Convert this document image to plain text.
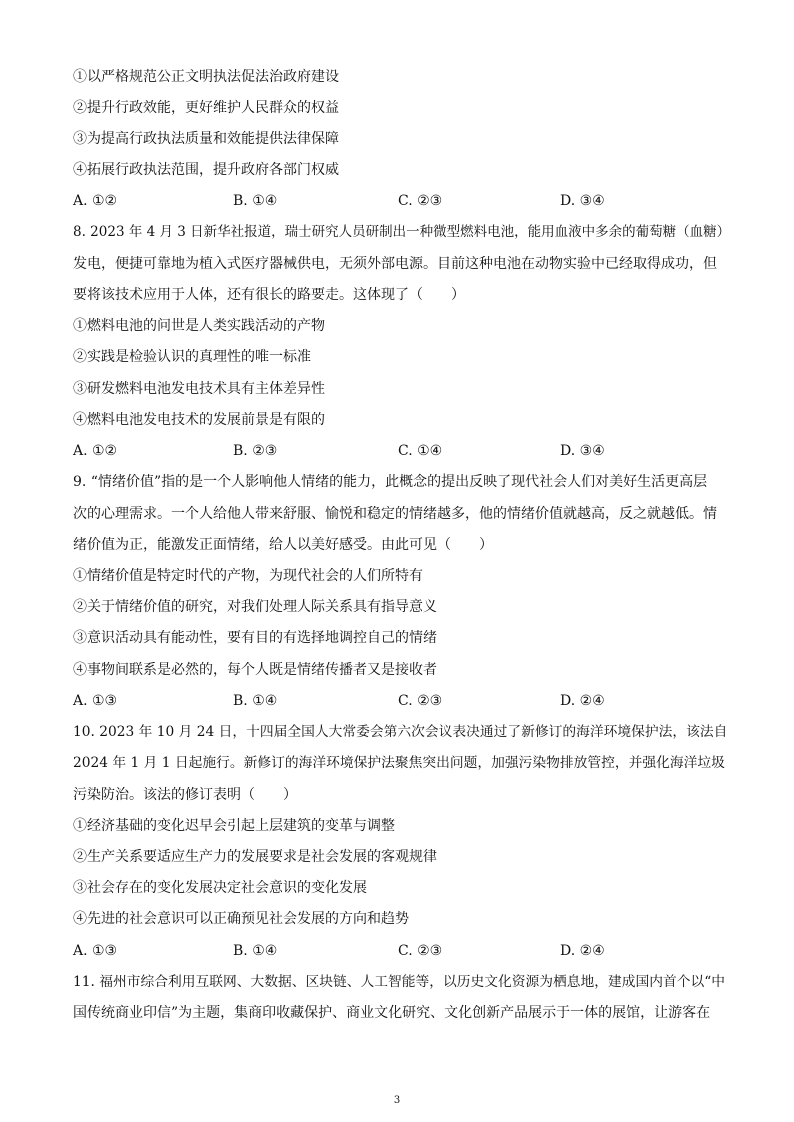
①以严格规范公正文明执法促法治政府建设
②提升行政效能，更好维护人民群众的权益
③为提高行政执法质量和效能提供法律保障
④拓展行政执法范围，提升政府各部门权威
A. ①②	B. ①④	C. ②③	D. ③④
8. 2023 年 4 月 3 日新华社报道，瑞士研究人员研制出一种微型燃料电池，能用血液中多余的葡萄糖（血糖）
发电，便捷可靠地为植入式医疗器械供电，无须外部电源。目前这种电池在动物实验中已经取得成功，但
要将该技术应用于人体，还有很长的路要走。这体现了（　　）
①燃料电池的问世是人类实践活动的产物
②实践是检验认识的真理性的唯一标准
③研发燃料电池发电技术具有主体差异性
④燃料电池发电技术的发展前景是有限的
A. ①②	B. ②③	C. ①④	D. ③④
9. “情绪价值”指的是一个人影响他人情绪的能力，此概念的提出反映了现代社会人们对美好生活更高层
次的心理需求。一个人给他人带来舒服、愉悦和稳定的情绪越多，他的情绪价值就越高，反之就越低。情
绪价值为正，能激发正面情绪，给人以美好感受。由此可见（　　）
①情绪价值是特定时代的产物，为现代社会的人们所特有
②关于情绪价值的研究，对我们处理人际关系具有指导意义
③意识活动具有能动性，要有目的有选择地调控自己的情绪
④事物间联系是必然的，每个人既是情绪传播者又是接收者
A. ①③	B. ①④	C. ②③	D. ②④
10. 2023 年 10 月 24 日，十四届全国人大常委会第六次会议表决通过了新修订的海洋环境保护法，该法自
2024 年 1 月 1 日起施行。新修订的海洋环境保护法聚焦突出问题，加强污染物排放管控，并强化海洋垃圾
污染防治。该法的修订表明（　　）
①经济基础的变化迟早会引起上层建筑的变革与调整
②生产关系要适应生产力的发展要求是社会发展的客观规律
③社会存在的变化发展决定社会意识的变化发展
④先进的社会意识可以正确预见社会发展的方向和趋势
A. ①③	B. ①④	C. ②③	D. ②④
11. 福州市综合利用互联网、大数据、区块链、人工智能等，以历史文化资源为栖息地，建成国内首个以“中
国传统商业印信”为主题，集商印收藏保护、商业文化研究、文化创新产品展示于一体的展馆，让游客在
3
